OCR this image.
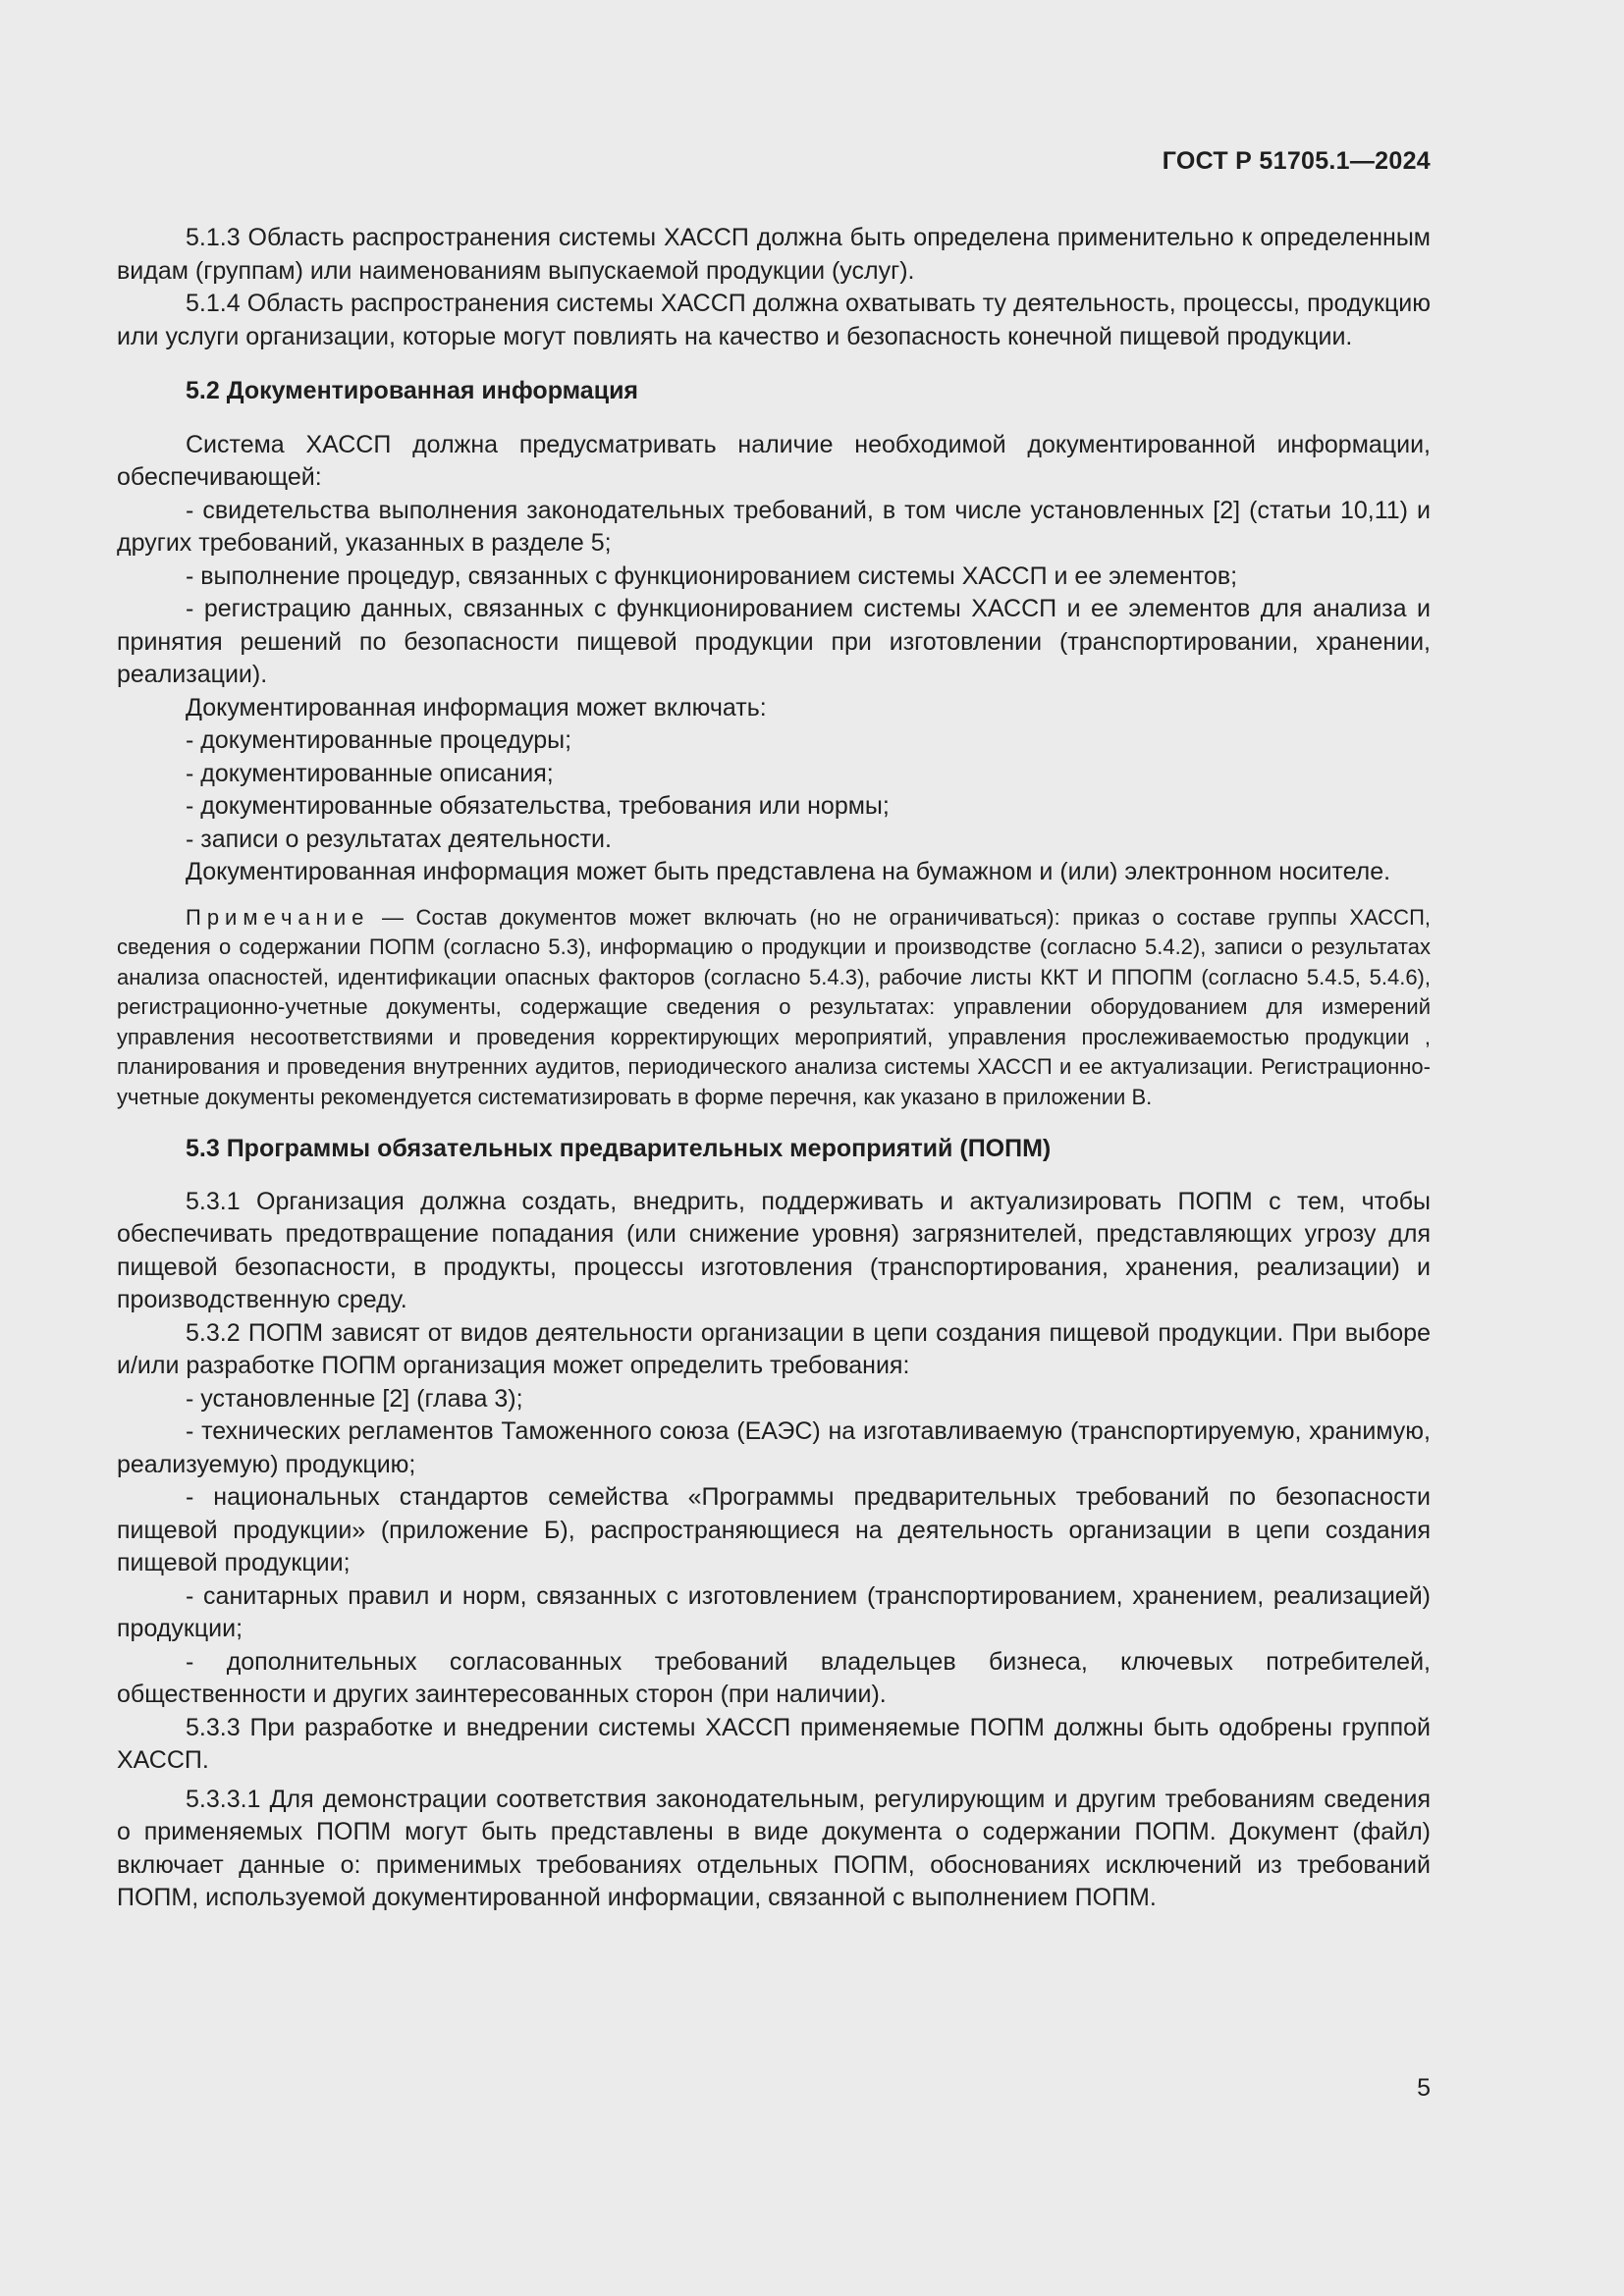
ГОСТ Р 51705.1—2024

5.1.3 Область распространения системы ХАССП должна быть определена применительно к определенным видам (группам) или наименованиям выпускаемой продукции (услуг).

5.1.4 Область распространения системы ХАССП должна охватывать ту деятельность, процессы, продукцию или услуги организации, которые могут повлиять на качество и безопасность конечной пищевой продукции.

5.2 Документированная информация

Система ХАССП должна предусматривать наличие необходимой документированной информации, обеспечивающей:

- свидетельства выполнения законодательных требований, в том числе установленных [2] (статьи 10,11) и других требований, указанных в разделе 5;

- выполнение процедур, связанных с функционированием системы ХАССП и ее элементов;

- регистрацию данных, связанных с функционированием системы ХАССП и ее элементов для анализа и принятия решений по безопасности пищевой продукции при изготовлении (транспортировании, хранении, реализации).

Документированная информация может включать:

- документированные процедуры;

- документированные описания;

- документированные обязательства, требования или нормы;

- записи о результатах деятельности.

Документированная информация может быть представлена на бумажном и (или) электронном носителе.

Примечание — Состав документов может включать (но не ограничиваться): приказ о составе группы ХАССП, сведения о содержании ПОПМ (согласно 5.3), информацию о продукции и производстве (согласно 5.4.2), записи о результатах анализа опасностей, идентификации опасных факторов (согласно 5.4.3), рабочие листы ККТ И ППОПМ (согласно 5.4.5, 5.4.6), регистрационно-учетные документы, содержащие сведения о результатах: управлении оборудованием для измерений управления несоответствиями и проведения корректирующих мероприятий, управления прослеживаемостью продукции , планирования и проведения внутренних аудитов, периодического анализа системы ХАССП и ее актуализации. Регистрационно-учетные документы рекомендуется систематизировать в форме перечня, как указано в приложении В.
5.3 Программы обязательных предварительных мероприятий (ПОПМ)

5.3.1 Организация должна создать, внедрить, поддерживать и актуализировать ПОПМ с тем, чтобы обеспечивать предотвращение попадания (или снижение уровня) загрязнителей, представляющих угрозу для пищевой безопасности, в продукты, процессы изготовления (транспортирования, хранения, реализации) и производственную среду.

5.3.2 ПОПМ зависят от видов деятельности организации в цепи создания пищевой продукции. При выборе и/или разработке ПОПМ организация может определить требования:

- установленные [2] (глава 3);

- технических регламентов Таможенного союза (ЕАЭС) на изготавливаемую (транспортируемую, хранимую, реализуемую) продукцию;

- национальных стандартов семейства «Программы предварительных требований по безопасности пищевой продукции» (приложение Б), распространяющиеся на деятельность организации в цепи создания пищевой продукции;

- санитарных правил и норм, связанных с изготовлением (транспортированием, хранением, реализацией) продукции;

- дополнительных согласованных требований владельцев бизнеса, ключевых потребителей, общественности и других заинтересованных сторон (при наличии).

5.3.3 При разработке и внедрении системы ХАССП применяемые ПОПМ должны быть одобрены группой ХАССП.

5.3.3.1 Для демонстрации соответствия законодательным, регулирующим и другим требованиям сведения о применяемых ПОПМ могут быть представлены в виде документа о содержании ПОПМ. Документ (файл) включает данные о: применимых требованиях отдельных ПОПМ, обоснованиях исключений из требований ПОПМ, используемой документированной информации, связанной с выполнением ПОПМ.

5
